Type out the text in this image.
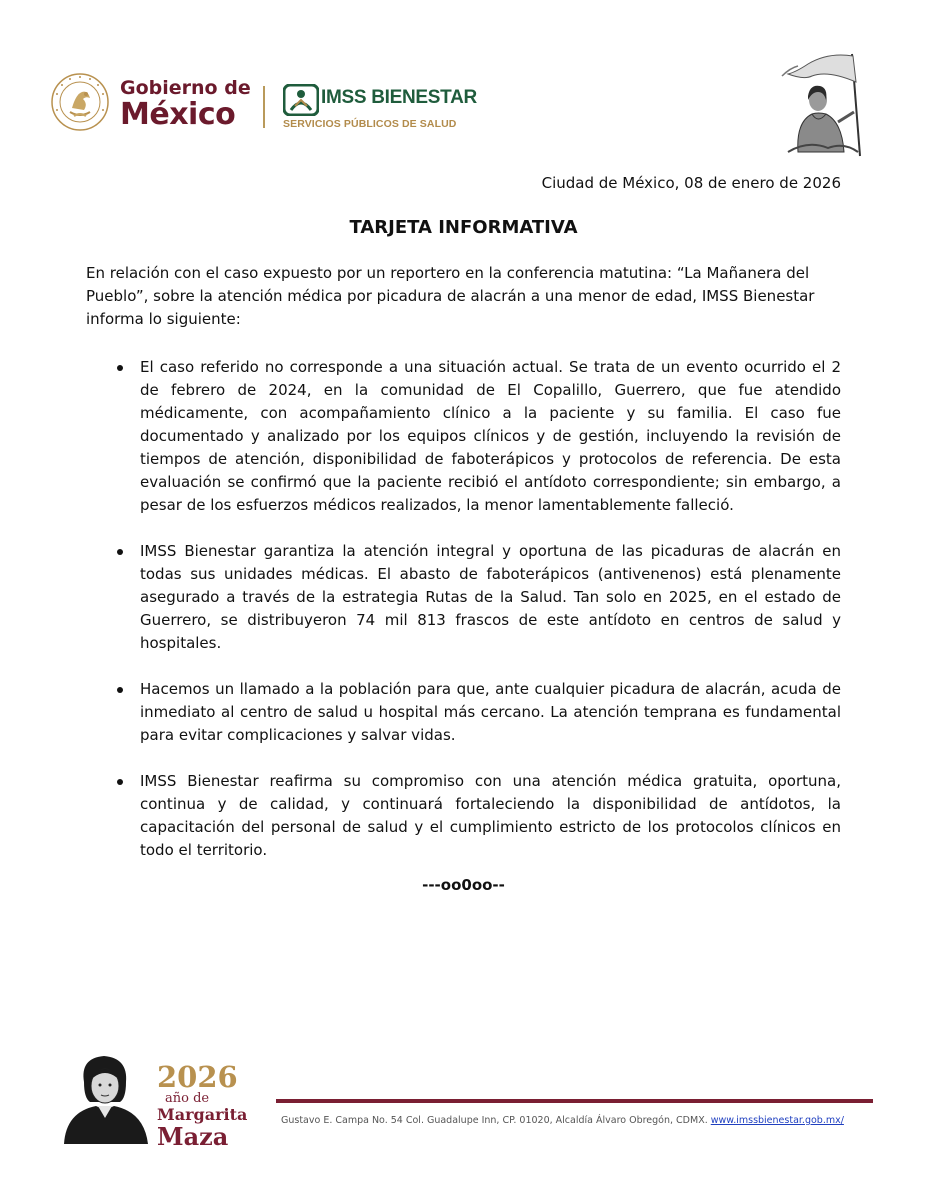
Gobierno de
México	IMSS BIENESTAR
SERVICIOS PÚBLICOS DE SALUD
Ciudad de México, 08 de enero de 2026
TARJETA INFORMATIVA

En relación con el caso expuesto por un reportero en la conferencia matutina: “La Mañanera del Pueblo”, sobre la atención médica por picadura de alacrán a una menor de edad, IMSS Bienestar informa lo siguiente:

El caso referido no corresponde a una situación actual. Se trata de un evento ocurrido el 2 de febrero de 2024, en la comunidad de El Copalillo, Guerrero, que fue atendido médicamente, con acompañamiento clínico a la paciente y su familia. El caso fue documentado y analizado por los equipos clínicos y de gestión, incluyendo la revisión de tiempos de atención, disponibilidad de faboterápicos y protocolos de referencia. De esta evaluación se confirmó que la paciente recibió el antídoto correspondiente; sin embargo, a pesar de los esfuerzos médicos realizados, la menor lamentablemente falleció.
IMSS Bienestar garantiza la atención integral y oportuna de las picaduras de alacrán en todas sus unidades médicas. El abasto de faboterápicos (antivenenos) está plenamente asegurado a través de la estrategia Rutas de la Salud. Tan solo en 2025, en el estado de Guerrero, se distribuyeron 74 mil 813 frascos de este antídoto en centros de salud y hospitales.
Hacemos un llamado a la población para que, ante cualquier picadura de alacrán, acuda de inmediato al centro de salud u hospital más cercano. La atención temprana es fundamental para evitar complicaciones y salvar vidas.
IMSS Bienestar reafirma su compromiso con una atención médica gratuita, oportuna, continua y de calidad, y continuará fortaleciendo la disponibilidad de antídotos, la capacitación del personal de salud y el cumplimiento estricto de los protocolos clínicos en todo el territorio.
---oo0oo--
2026
año de
Margarita
Maza
Gustavo E. Campa No. 54 Col. Guadalupe Inn, CP. 01020, Alcaldía Álvaro Obregón, CDMX. www.imssbienestar.gob.mx/
